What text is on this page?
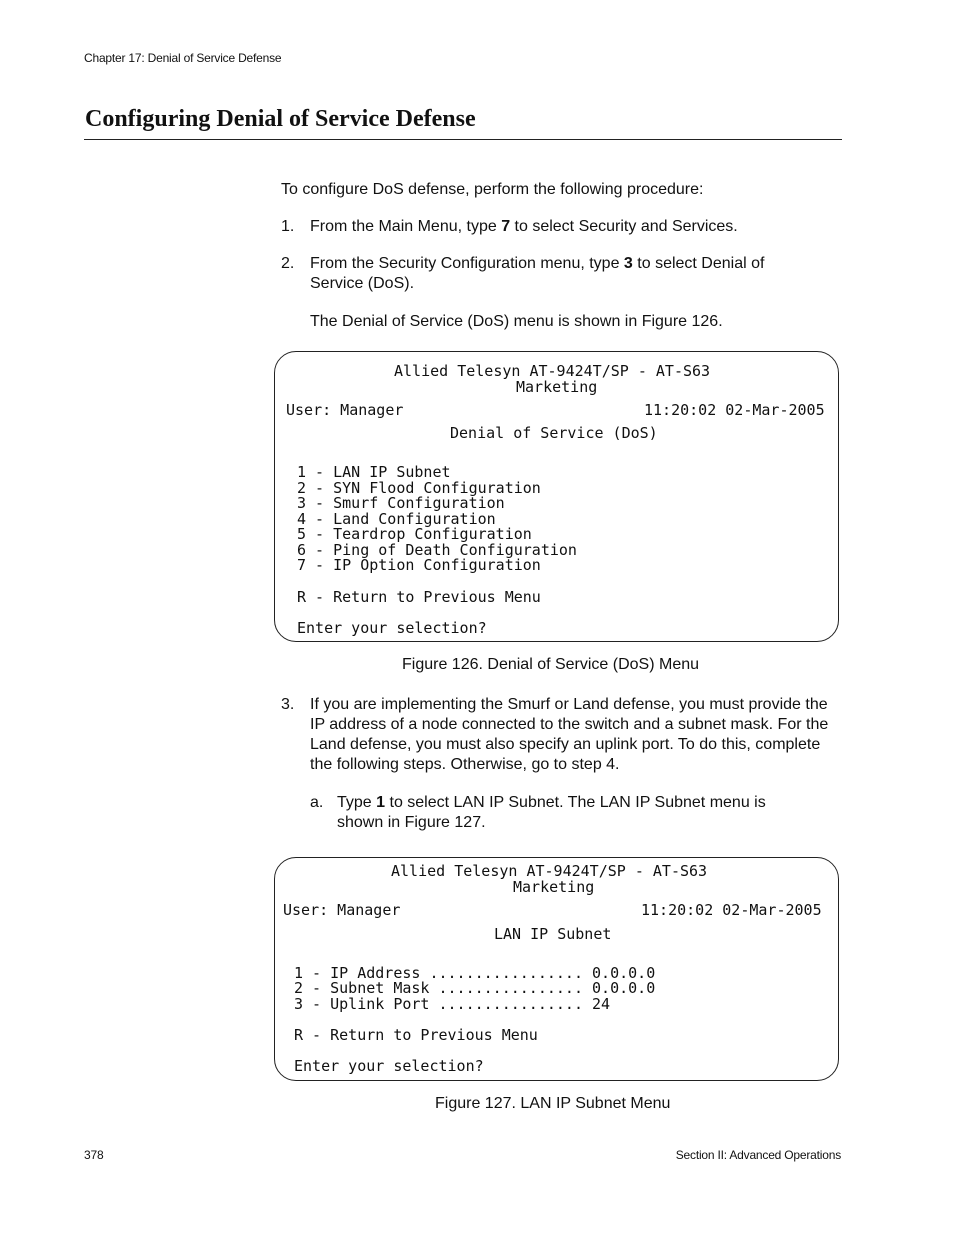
Chapter 17: Denial of Service Defense
Configuring Denial of Service Defense

To configure DoS defense, perform the following procedure:

1. From the Main Menu, type 7 to select Security and Services.
2. From the Security Configuration menu, type 3 to select Denial of Service (DoS).

The Denial of Service (DoS) menu is shown in Figure 126.

Allied Telesyn AT-9424T/SP - AT-S63
Marketing
User: Manager	11:20:02 02-Mar-2005
Denial of Service (DoS)
1 - LAN IP Subnet
2 - SYN Flood Configuration
3 - Smurf Configuration
4 - Land Configuration
5 - Teardrop Configuration
6 - Ping of Death Configuration
7 - IP Option Configuration
R - Return to Previous Menu
Enter your selection?
Figure 126. Denial of Service (DoS) Menu
3. If you are implementing the Smurf or Land defense, you must provide the IP address of a node connected to the switch and a subnet mask. For the Land defense, you must also specify an uplink port. To do this, complete the following steps. Otherwise, go to step 4.
a. Type 1 to select LAN IP Subnet. The LAN IP Subnet menu is shown in Figure 127.
Allied Telesyn AT-9424T/SP - AT-S63
Marketing
User: Manager	11:20:02 02-Mar-2005
LAN IP Subnet
1 - IP Address ................. 0.0.0.0
2 - Subnet Mask ................ 0.0.0.0
3 - Uplink Port ................ 24
R - Return to Previous Menu
Enter your selection?
Figure 127. LAN IP Subnet Menu
378	Section II: Advanced Operations
